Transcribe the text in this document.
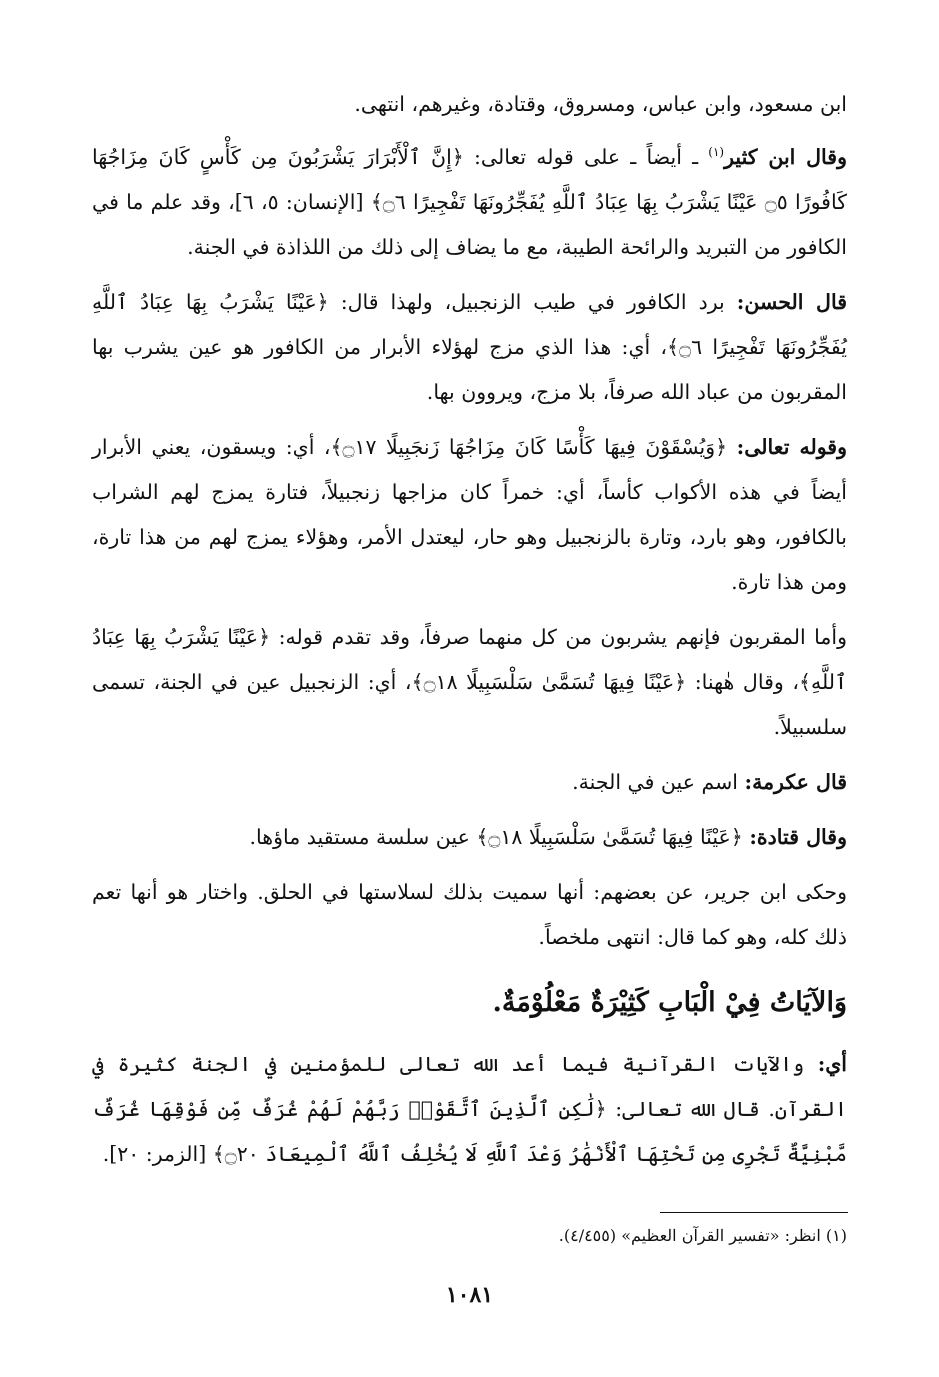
ابن مسعود، وابن عباس، ومسروق، وقتادة، وغيرهم، انتهى.

وقال ابن كثير$^{(١)}$ ـ أيضاً ـ على قوله تعالى: ﴿إِنَّ ٱلْأَبْرَارَ يَشْرَبُونَ مِن كَأْسٍ كَانَ مِزَاجُهَا كَافُورًا ۝٥ عَيْنًا يَشْرَبُ بِهَا عِبَادُ ٱللَّهِ يُفَجِّرُونَهَا تَفْجِيرًا ۝٦﴾ [الإنسان: ٥، ٦]، وقد علم ما في الكافور من التبريد والرائحة الطيبة، مع ما يضاف إلى ذلك من اللذاذة في الجنة.

قال الحسن: برد الكافور في طيب الزنجبيل، ولهذا قال: ﴿عَيْنًا يَشْرَبُ بِهَا عِبَادُ ٱللَّهِ يُفَجِّرُونَهَا تَفْجِيرًا ۝٦﴾، أي: هذا الذي مزج لهؤلاء الأبرار من الكافور هو عين يشرب بها المقربون من عباد الله صرفاً، بلا مزج، ويروون بها.

وقوله تعالى: ﴿وَيُسْقَوْنَ فِيهَا كَأْسًا كَانَ مِزَاجُهَا زَنجَبِيلًا ۝١٧﴾، أي: ويسقون، يعني الأبرار أيضاً في هذه الأكواب كأساً، أي: خمراً كان مزاجها زنجبيلاً، فتارة يمزج لهم الشراب بالكافور، وهو بارد، وتارة بالزنجبيل وهو حار، ليعتدل الأمر، وهؤلاء يمزج لهم من هذا تارة، ومن هذا تارة.

وأما المقربون فإنهم يشربون من كل منهما صرفاً، وقد تقدم قوله: ﴿عَيْنًا يَشْرَبُ بِهَا عِبَادُ ٱللَّهِ﴾، وقال هٰهنا: ﴿عَيْنًا فِيهَا تُسَمَّىٰ سَلْسَبِيلًا ۝١٨﴾، أي: الزنجبيل عين في الجنة، تسمى سلسبيلاً.

قال عكرمة: اسم عين في الجنة.

وقال قتادة: ﴿عَيْنًا فِيهَا تُسَمَّىٰ سَلْسَبِيلًا ۝١٨﴾ عين سلسة مستقيد ماؤها.

وحكى ابن جرير، عن بعضهم: أنها سميت بذلك لسلاستها في الحلق. واختار هو أنها تعم ذلك كله، وهو كما قال: انتهى ملخصاً.

وَالآيَاتُ فِيْ الْبَابِ كَثِيْرَةٌ مَعْلُوْمَةٌ.

أي: والآيات القرآنية فيما أعد الله تعالى للمؤمنين في الجنة كثيرة في القرآن. قال الله تعالى: ﴿لَٰكِنِ ٱلَّذِينَ ٱتَّقَوْا۟ رَبَّهُمْ لَهُمْ غُرَفٌ مِّن فَوْقِهَا غُرَفٌ مَّبْنِيَّةٌ تَجْرِى مِن تَحْتِهَا ٱلْأَنْهَٰرُ وَعْدَ ٱللَّهِ لَا يُخْلِفُ ٱللَّهُ ٱلْمِيعَادَ ۝٢٠﴾ [الزمر: ٢٠].

(١) انظر: «تفسير القرآن العظيم» (٤/٤٥٥).
١٠٨١
